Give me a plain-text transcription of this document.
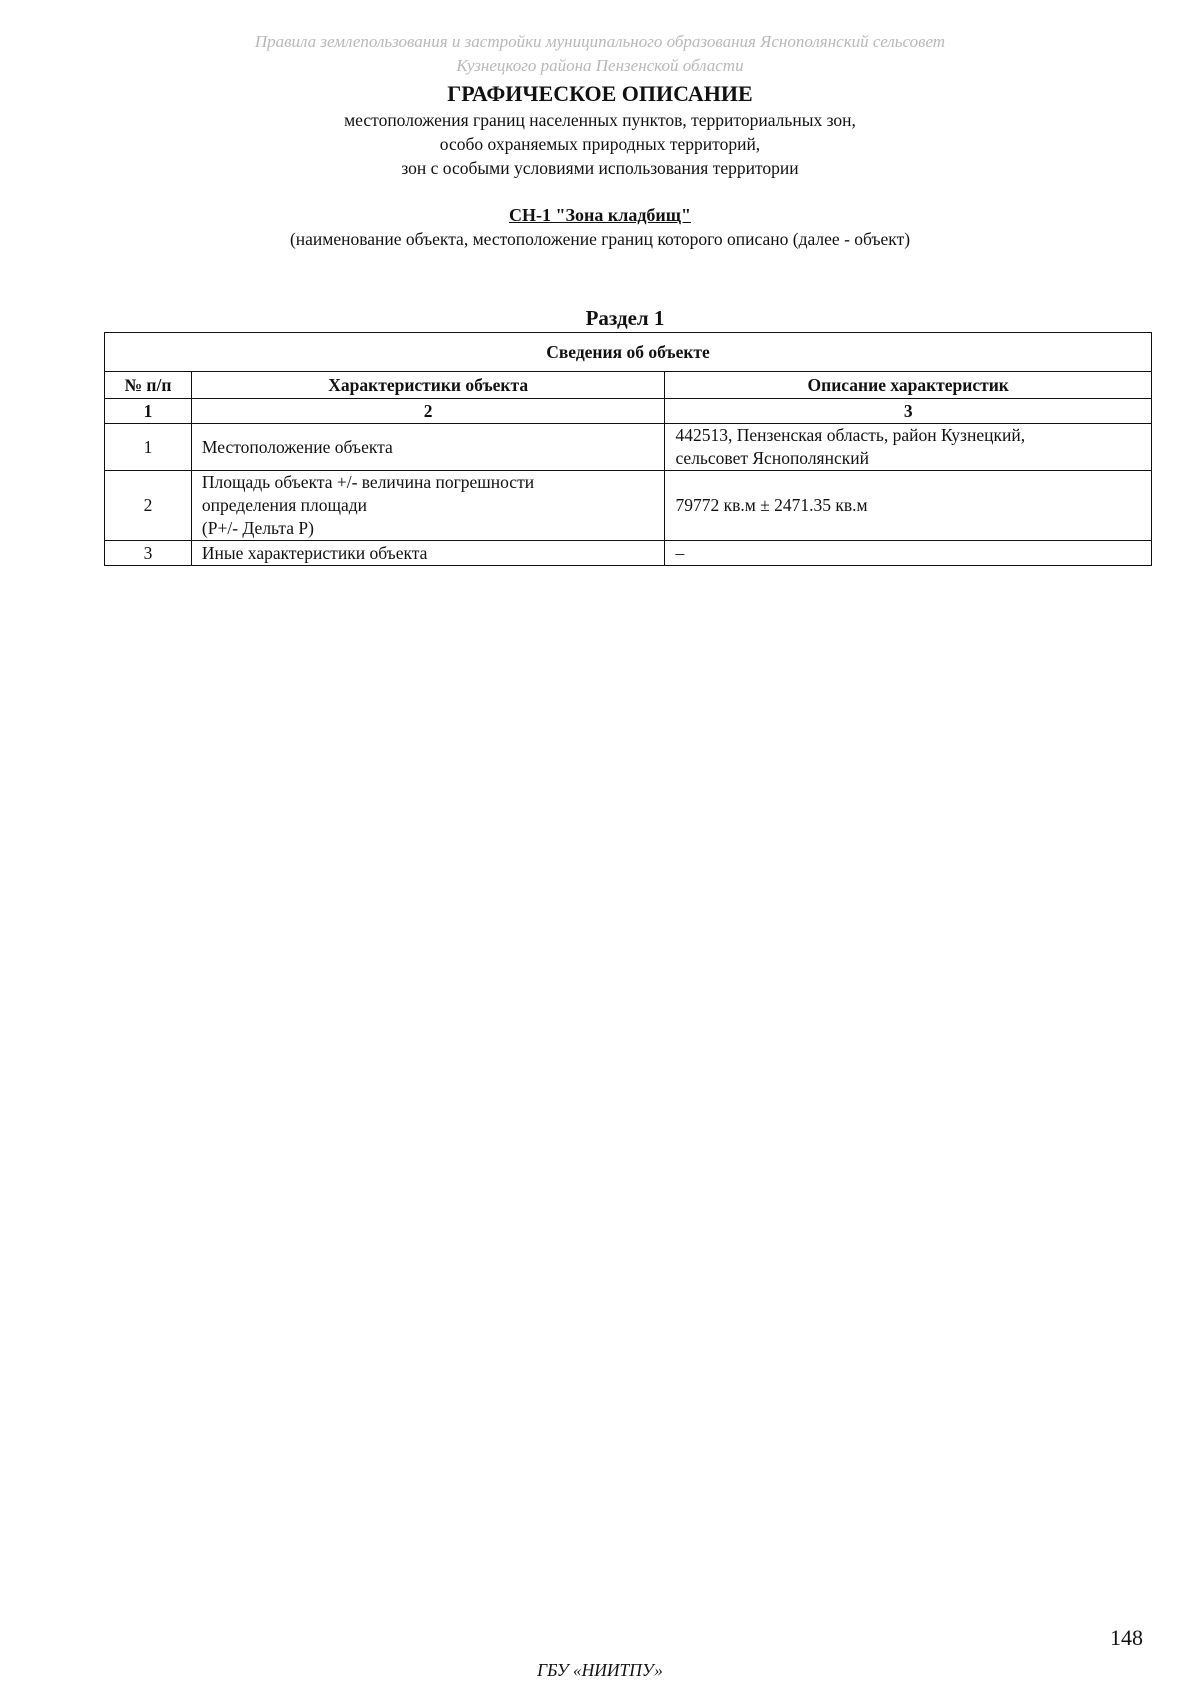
Правила землепользования и застройки муниципального образования Яснополянский сельсовет
Кузнецкого района Пензенской области
ГРАФИЧЕСКОЕ ОПИСАНИЕ
местоположения границ населенных пунктов, территориальных зон,
особо охраняемых природных территорий,
зон с особыми условиями использования территории
СН-1 "Зона кладбищ"
(наименование объекта, местоположение границ которого описано (далее - объект)
Раздел 1
Сведения об объекте		
№ п/п	Характеристики объекта	Описание характеристик
1	2	3
1	Местоположение объекта	442513, Пензенская область, район Кузнецкий,
сельсовет Яснополянский

2	Площадь объекта +/- величина погрешности
определения площади
(P+/- Дельта P)	79772 кв.м ± 2471.35 кв.м

3	Иные характеристики объекта	–
148
ГБУ «НИИТПУ»
